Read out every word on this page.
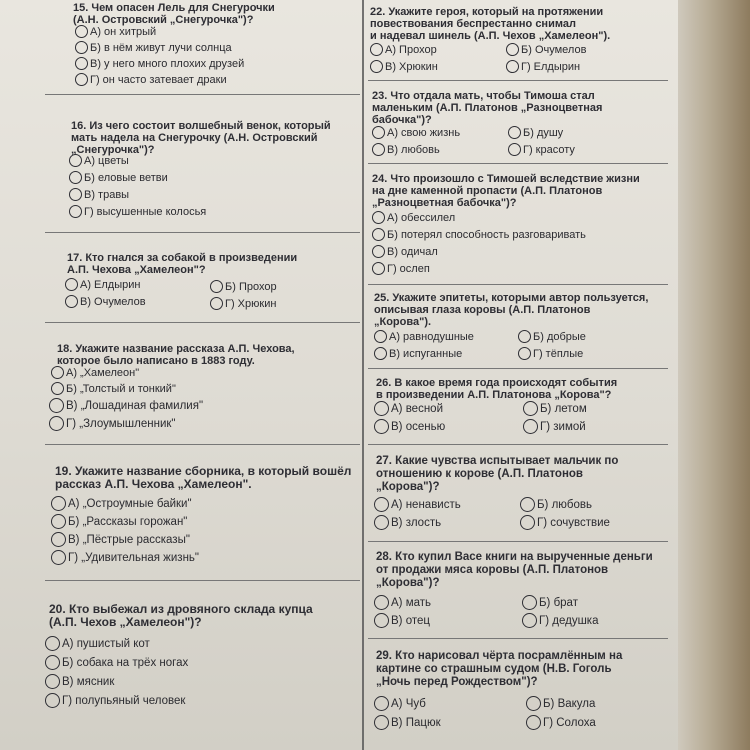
15. Чем опасен Лель для Снегурочки
(А.Н. Островский „Снегурочка")?

А) он хитрый
Б) в нём живут лучи солнца
В) у него много плохих друзей
Г) он часто затевает драки

16. Из чего состоит волшебный венок, который
мать надела на Снегурочку (А.Н. Островский
„Снегурочка")?

А) цветы
Б) еловые ветви
В) травы
Г) высушенные колосья

17. Кто гнался за собакой в произведении
А.П. Чехова „Хамелеон"?

А) Елдырин	Б) Прохор
В) Очумелов	Г) Хрюкин

18. Укажите название рассказа А.П. Чехова,
которое было написано в 1883 году.

А) „Хамелеон"
Б) „Толстый и тонкий"
В) „Лошадиная фамилия"
Г) „Злоумышленник"

19. Укажите название сборника, в который вошёл
рассказ А.П. Чехова „Хамелеон".

А) „Остроумные байки"
Б) „Рассказы горожан"
В) „Пёстрые рассказы"
Г) „Удивительная жизнь"

20. Кто выбежал из дровяного склада купца
(А.П. Чехов „Хамелеон")?

А) пушистый кот
Б) собака на трёх ногах
В) мясник
Г) полупьяный человек

22. Укажите героя, который на протяжении
повествования беспрестанно снимал
и надевал шинель (А.П. Чехов „Хамелеон").

А) Прохор	Б) Очумелов
В) Хрюкин	Г) Елдырин

23. Что отдала мать, чтобы Тимоша стал
маленьким (А.П. Платонов „Разноцветная
бабочка")?

А) свою жизнь	Б) душу
В) любовь	Г) красоту

24. Что произошло с Тимошей вследствие жизни
на дне каменной пропасти (А.П. Платонов
„Разноцветная бабочка")?

А) обессилел
Б) потерял способность разговаривать
В) одичал
Г) ослеп

25. Укажите эпитеты, которыми автор пользуется,
описывая глаза коровы (А.П. Платонов
„Корова").

А) равнодушные	Б) добрые
В) испуганные	Г) тёплые

26. В какое время года происходят события
в произведении А.П. Платонова „Корова"?

А) весной	Б) летом
В) осенью	Г) зимой

27. Какие чувства испытывает мальчик по
отношению к корове (А.П. Платонов
„Корова")?

А) ненависть	Б) любовь
В) злость	Г) сочувствие

28. Кто купил Васе книги на вырученные деньги
от продажи мяса коровы (А.П. Платонов
„Корова")?

А) мать	Б) брат
В) отец	Г) дедушка

29. Кто нарисовал чёрта посрамлённым на
картине со страшным судом (Н.В. Гоголь
„Ночь перед Рождеством")?

А) Чуб	Б) Вакула
В) Пацюк	Г) Солоха
